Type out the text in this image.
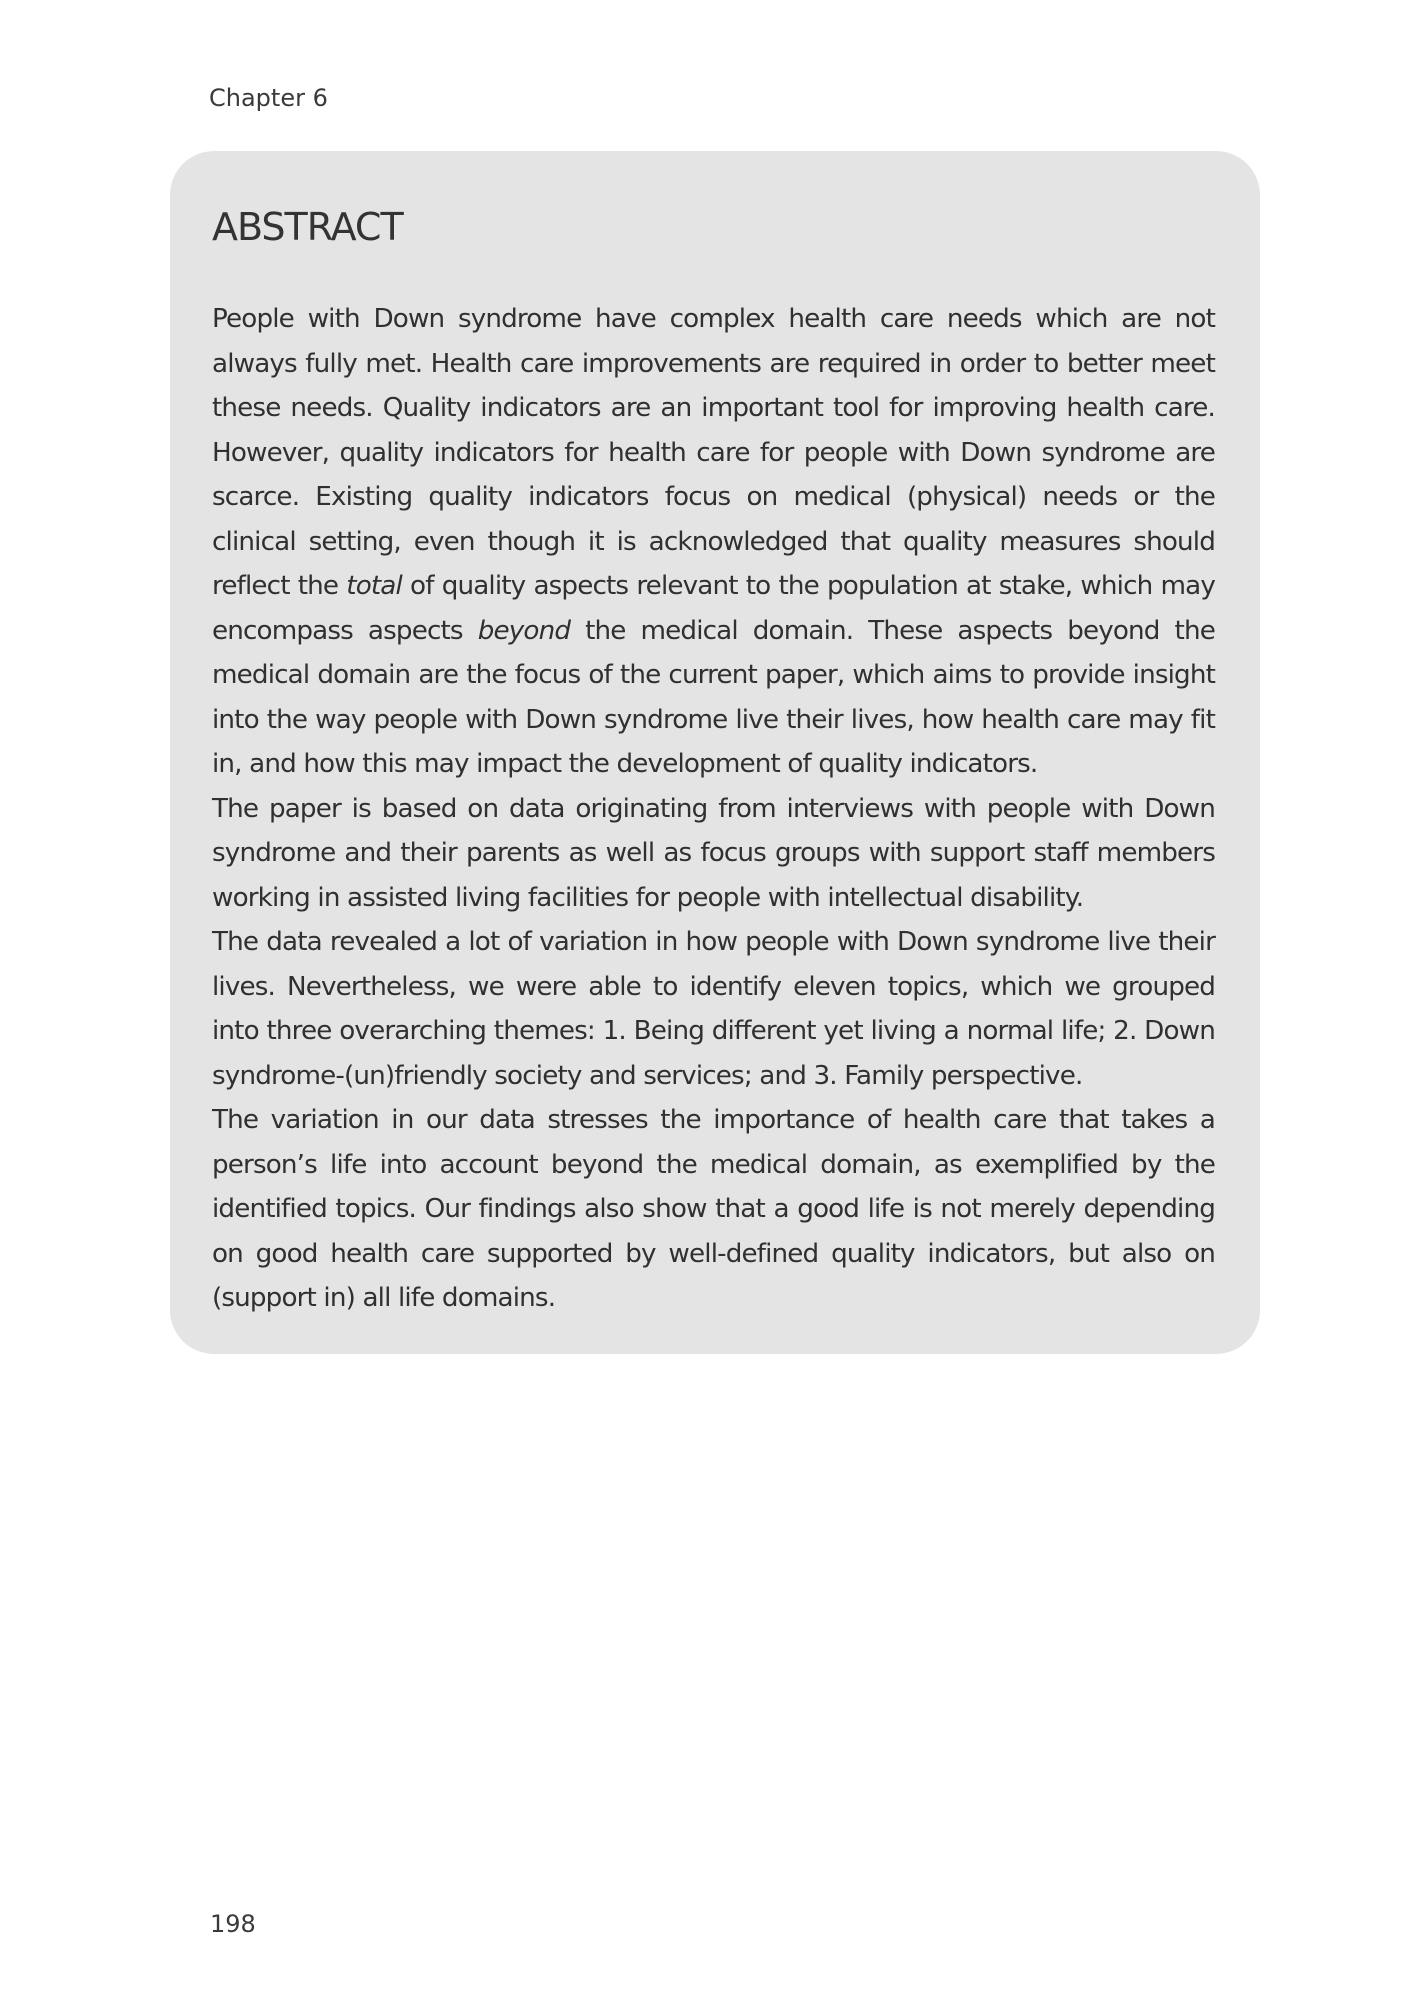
Chapter 6
ABSTRACT

People with Down syndrome have complex health care needs which are not always fully met. Health care improvements are required in order to better meet these needs. Quality indicators are an important tool for improving health care. However, quality indicators for health care for people with Down syndrome are scarce. Existing quality indicators focus on medical (physical) needs or the clinical setting, even though it is acknowledged that quality measures should reflect the total of quality aspects relevant to the population at stake, which may encompass aspects beyond the medical domain. These aspects beyond the medical domain are the focus of the current paper, which aims to provide insight into the way people with Down syndrome live their lives, how health care may fit in, and how this may impact the development of quality indicators.

The paper is based on data originating from interviews with people with Down syndrome and their parents as well as focus groups with support staff members working in assisted living facilities for people with intellectual disability.

The data revealed a lot of variation in how people with Down syndrome live their lives. Nevertheless, we were able to identify eleven topics, which we grouped into three overarching themes: 1. Being different yet living a normal life; 2. Down syndrome-(un)friendly society and services; and 3. Family perspective.

The variation in our data stresses the importance of health care that takes a person’s life into account beyond the medical domain, as exemplified by the identified topics. Our findings also show that a good life is not merely depending on good health care supported by well-defined quality indicators, but also on (support in) all life domains.

198
